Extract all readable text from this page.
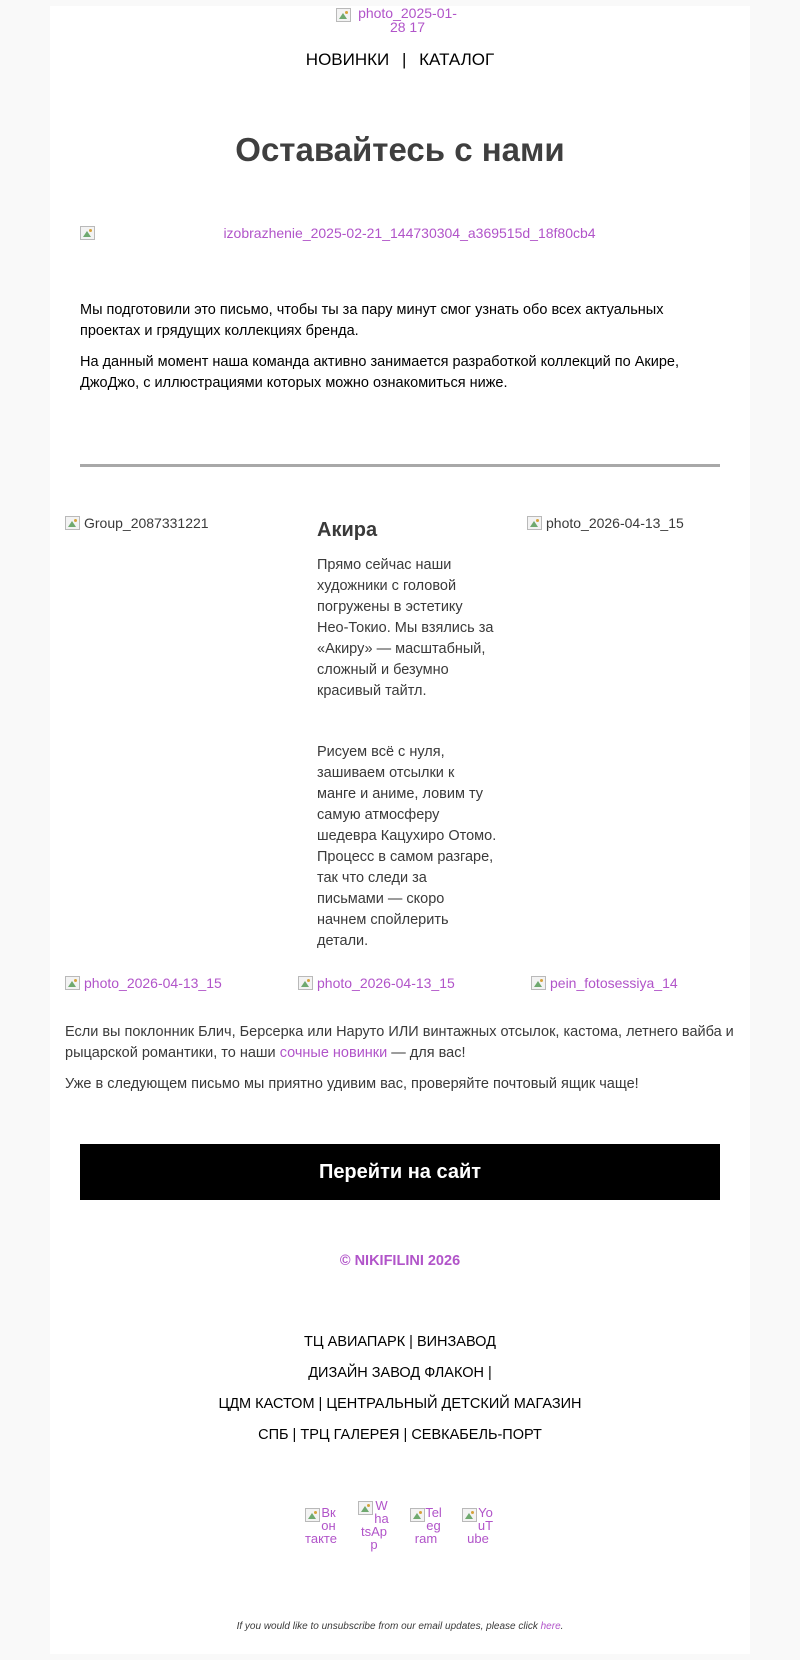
photo_2025-01-28 17
НОВИНКИ | КАТАЛОГ
Оставайтесь с нами
izobrazhenie_2025-02-21_144730304_a369515d_18f80cb4

Мы подготовили это письмо, чтобы ты за пару минут смог узнать обо всех актуальных проектах и грядущих коллекциях бренда.

На данный момент наша команда активно занимается разработкой коллекций по Акире, ДжоДжо, с иллюстрациями которых можно ознакомиться ниже.

Group_2087331221	Акира

Прямо сейчас наши художники с головой погружены в эстетику Нео-Токио. Мы взялись за «Акиру» — масштабный, сложный и безумно красивый тайтл.

Рисуем всё с нуля, зашиваем отсылки к манге и аниме, ловим ту самую атмосферу шедевра Кацухиро Отомо. Процесс в самом разгаре, так что следи за письмами — скоро начнем спойлерить детали.

photo_2026-04-13_15
photo_2026-04-13_15	photo_2026-04-13_15	pein_fotosessiya_14

Если вы поклонник Блич, Берсерка или Наруто ИЛИ винтажных отсылок, кастома, летнего вайба и рыцарской романтики, то наши сочные новинки — для вас!

Уже в следующем письмо мы приятно удивим вас, проверяйте почтовый ящик чаще!

Перейти на сайт
© NIKIFILINI 2026
ТЦ АВИАПАРК | ВИНЗАВОД
ДИЗАЙН ЗАВОД ФЛАКОН |
ЦДМ КАСТОМ | ЦЕНТРАЛЬНЫЙ ДЕТСКИЙ МАГАЗИН
СПБ | ТРЦ ГАЛЕРЕЯ | СЕВКАБЕЛЬ-ПОРТ
Вконтакте
WhatsApp
Telegram
YouTube
If you would like to unsubscribe from our email updates, please click here.
